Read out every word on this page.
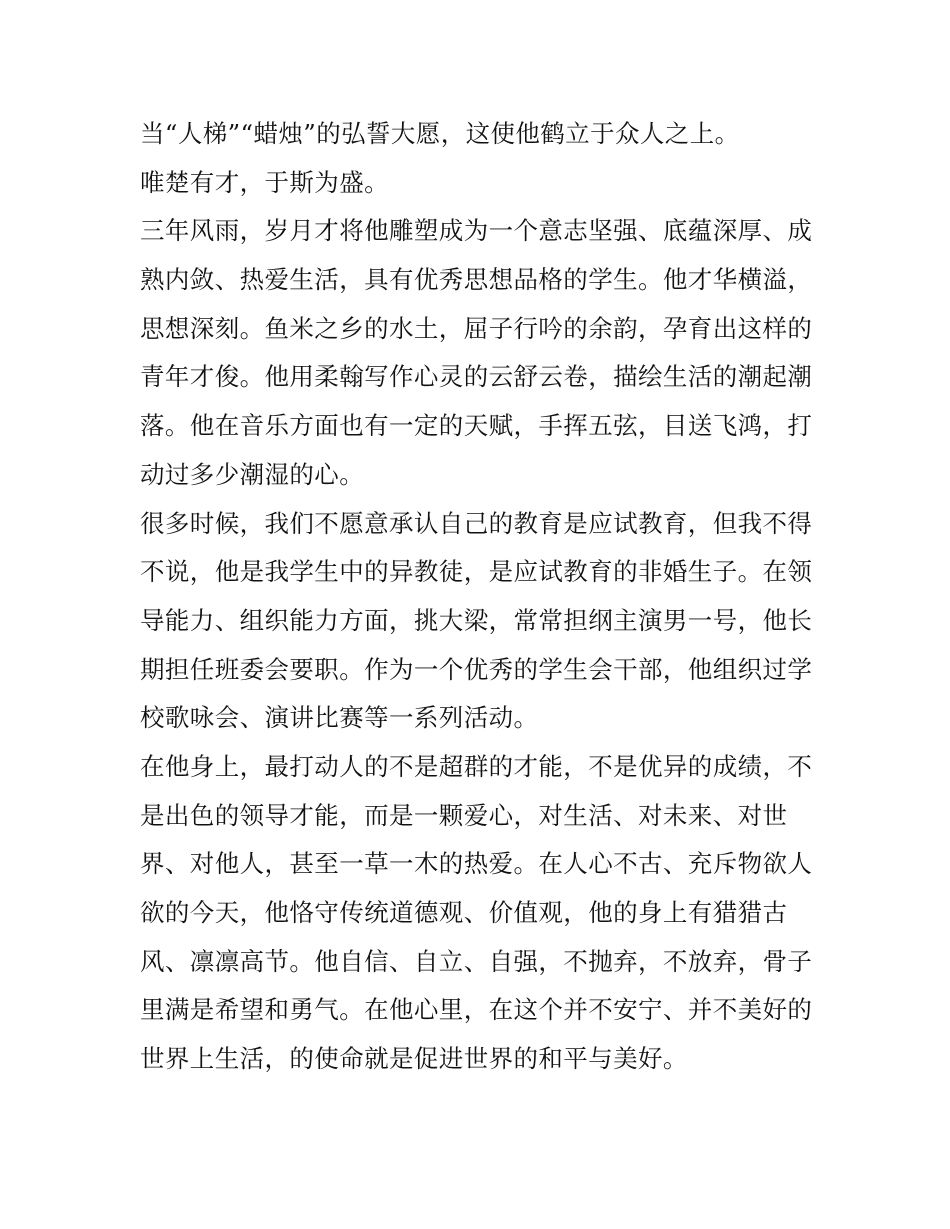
当“人梯”“蜡烛”的弘誓大愿，这使他鹤立于众人之上。
唯楚有才，于斯为盛。
三年风雨，岁月才将他雕塑成为一个意志坚强、底蕴深厚、成
熟内敛、热爱生活，具有优秀思想品格的学生。他才华横溢，
思想深刻。鱼米之乡的水土，屈子行吟的余韵，孕育出这样的
青年才俊。他用柔翰写作心灵的云舒云卷，描绘生活的潮起潮
落。他在音乐方面也有一定的天赋，手挥五弦，目送飞鸿，打
动过多少潮湿的心。
很多时候，我们不愿意承认自己的教育是应试教育，但我不得
不说，他是我学生中的异教徒，是应试教育的非婚生子。在领
导能力、组织能力方面，挑大梁，常常担纲主演男一号，他长
期担任班委会要职。作为一个优秀的学生会干部，他组织过学
校歌咏会、演讲比赛等一系列活动。
在他身上，最打动人的不是超群的才能，不是优异的成绩，不
是出色的领导才能，而是一颗爱心，对生活、对未来、对世
界、对他人，甚至一草一木的热爱。在人心不古、充斥物欲人
欲的今天，他恪守传统道德观、价值观，他的身上有猎猎古
风、凛凛高节。他自信、自立、自强，不抛弃，不放弃，骨子
里满是希望和勇气。在他心里，在这个并不安宁、并不美好的
世界上生活，的使命就是促进世界的和平与美好。
